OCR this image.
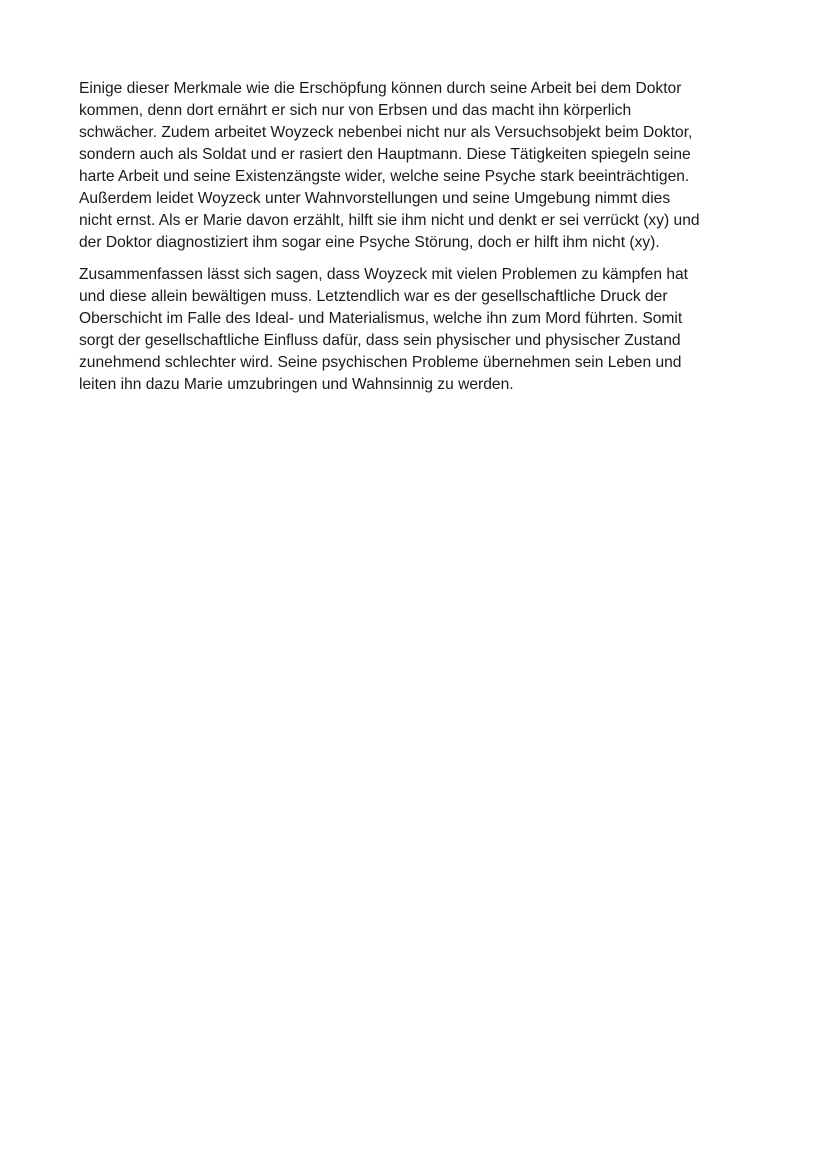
Einige dieser Merkmale wie die Erschöpfung können durch seine Arbeit bei dem Doktor
kommen, denn dort ernährt er sich nur von Erbsen und das macht ihn körperlich
schwächer. Zudem arbeitet Woyzeck nebenbei nicht nur als Versuchsobjekt beim Doktor,
sondern auch als Soldat und er rasiert den Hauptmann. Diese Tätigkeiten spiegeln seine
harte Arbeit und seine Existenzängste wider, welche seine Psyche stark beeinträchtigen.
Außerdem leidet Woyzeck unter Wahnvorstellungen und seine Umgebung nimmt dies
nicht ernst. Als er Marie davon erzählt, hilft sie ihm nicht und denkt er sei verrückt (xy) und
der Doktor diagnostiziert ihm sogar eine Psyche Störung, doch er hilft ihm nicht (xy).

Zusammenfassen lässt sich sagen, dass Woyzeck mit vielen Problemen zu kämpfen hat
und diese allein bewältigen muss. Letztendlich war es der gesellschaftliche Druck der
Oberschicht im Falle des Ideal- und Materialismus, welche ihn zum Mord führten. Somit
sorgt der gesellschaftliche Einfluss dafür, dass sein physischer und physischer Zustand
zunehmend schlechter wird. Seine psychischen Probleme übernehmen sein Leben und
leiten ihn dazu Marie umzubringen und Wahnsinnig zu werden.
